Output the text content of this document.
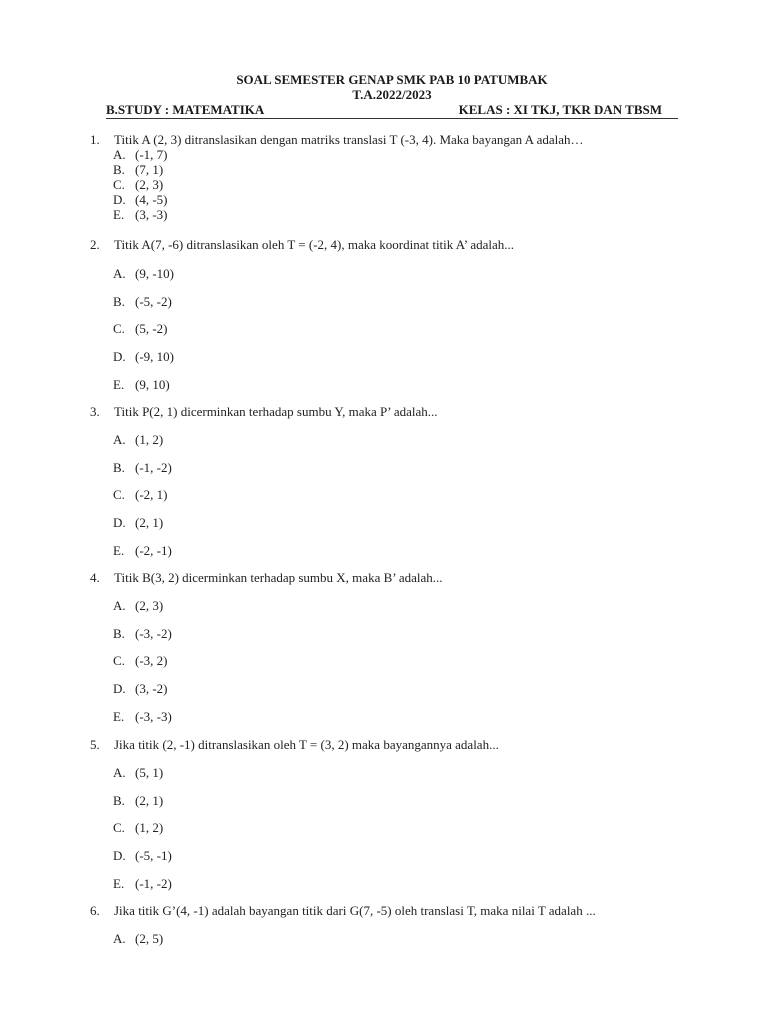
SOAL SEMESTER GENAP SMK PAB 10 PATUMBAK
T.A.2022/2023
B.STUDY : MATEMATIKA	KELAS : XI TKJ, TKR DAN TBSM
1. Titik A (2, 3) ditranslasikan dengan matriks translasi T (-3, 4). Maka bayangan A adalah…
A. (-1, 7)
B. (7, 1)
C. (2, 3)
D. (4, -5)
E. (3, -3)
2. Titik A(7, -6) ditranslasikan oleh T = (-2, 4), maka koordinat titik A’ adalah...
A. (9, -10)
B. (-5, -2)
C. (5, -2)
D. (-9, 10)
E. (9, 10)
3. Titik P(2, 1) dicerminkan terhadap sumbu Y, maka P’ adalah...
A. (1, 2)
B. (-1, -2)
C. (-2, 1)
D. (2, 1)
E. (-2, -1)
4. Titik B(3, 2) dicerminkan terhadap sumbu X, maka B’ adalah...
A. (2, 3)
B. (-3, -2)
C. (-3, 2)
D. (3, -2)
E. (-3, -3)
5. Jika titik (2, -1) ditranslasikan oleh T = (3, 2) maka bayangannya adalah...
A. (5, 1)
B. (2, 1)
C. (1, 2)
D. (-5, -1)
E. (-1, -2)
6. Jika titik G’(4, -1) adalah bayangan titik dari G(7, -5) oleh translasi T, maka nilai T adalah ...
A. (2, 5)
